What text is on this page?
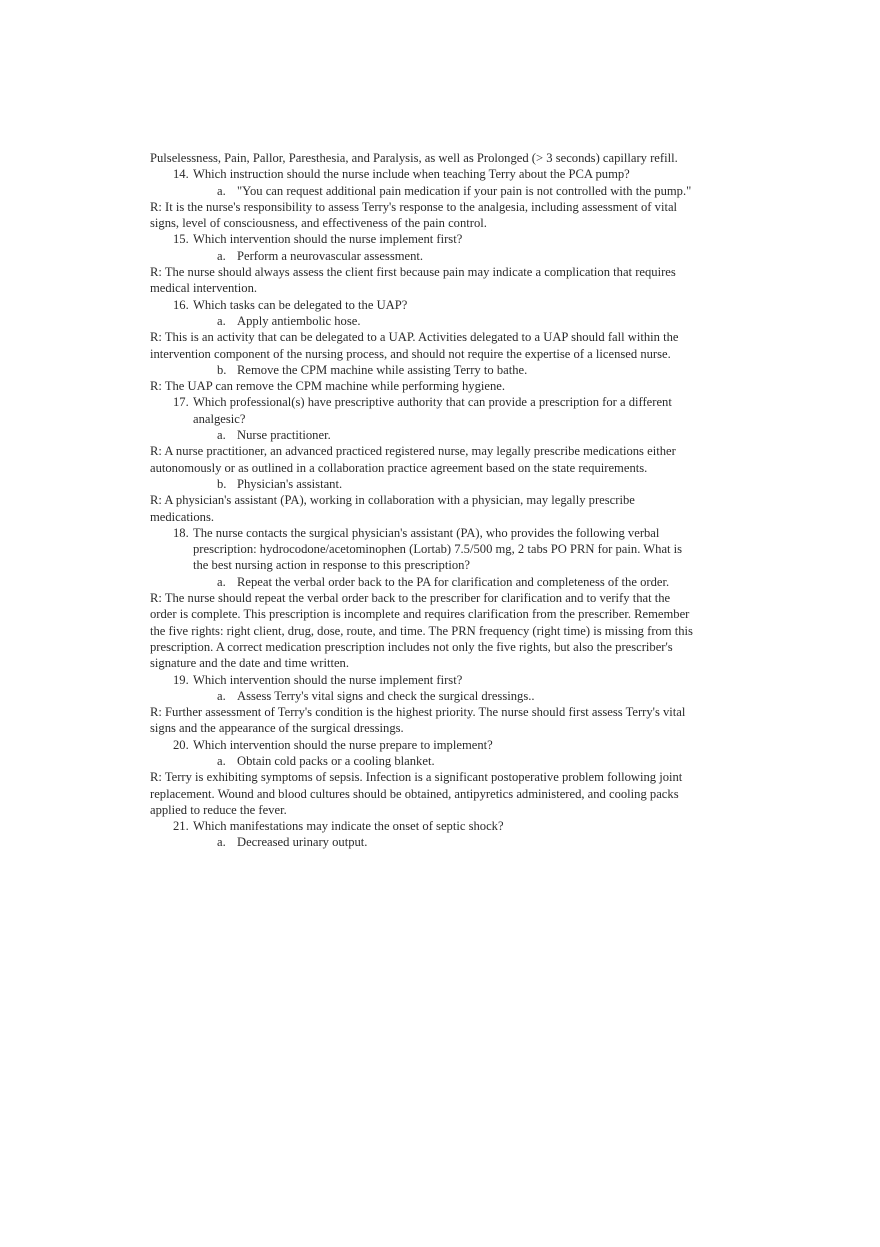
Pulselessness, Pain, Pallor, Paresthesia, and Paralysis, as well as Prolonged (> 3 seconds) capillary refill.

14. Which instruction should the nurse include when teaching Terry about the PCA pump?
a. "You can request additional pain medication if your pain is not controlled with the pump."

R: It is the nurse's responsibility to assess Terry's response to the analgesia, including assessment of vital signs, level of consciousness, and effectiveness of the pain control.

15. Which intervention should the nurse implement first?
a. Perform a neurovascular assessment.

R: The nurse should always assess the client first because pain may indicate a complication that requires medical intervention.

16. Which tasks can be delegated to the UAP?
a. Apply antiembolic hose.

R: This is an activity that can be delegated to a UAP. Activities delegated to a UAP should fall within the intervention component of the nursing process, and should not require the expertise of a licensed nurse.

b. Remove the CPM machine while assisting Terry to bathe.

R: The UAP can remove the CPM machine while performing hygiene.

17. Which professional(s) have prescriptive authority that can provide a prescription for a different analgesic?
a. Nurse practitioner.

R: A nurse practitioner, an advanced practiced registered nurse, may legally prescribe medications either autonomously or as outlined in a collaboration practice agreement based on the state requirements.

b. Physician's assistant.

R: A physician's assistant (PA), working in collaboration with a physician, may legally prescribe medications.

18. The nurse contacts the surgical physician's assistant (PA), who provides the following verbal prescription: hydrocodone/acetominophen (Lortab) 7.5/500 mg, 2 tabs PO PRN for pain. What is the best nursing action in response to this prescription?
a. Repeat the verbal order back to the PA for clarification and completeness of the order.

R: The nurse should repeat the verbal order back to the prescriber for clarification and to verify that the order is complete. This prescription is incomplete and requires clarification from the prescriber. Remember the five rights: right client, drug, dose, route, and time. The PRN frequency (right time) is missing from this prescription. A correct medication prescription includes not only the five rights, but also the prescriber's signature and the date and time written.

19. Which intervention should the nurse implement first?
a. Assess Terry's vital signs and check the surgical dressings..

R: Further assessment of Terry's condition is the highest priority. The nurse should first assess Terry's vital signs and the appearance of the surgical dressings.

20. Which intervention should the nurse prepare to implement?
a. Obtain cold packs or a cooling blanket.

R: Terry is exhibiting symptoms of sepsis. Infection is a significant postoperative problem following joint replacement. Wound and blood cultures should be obtained, antipyretics administered, and cooling packs applied to reduce the fever.

21. Which manifestations may indicate the onset of septic shock?
a. Decreased urinary output.
